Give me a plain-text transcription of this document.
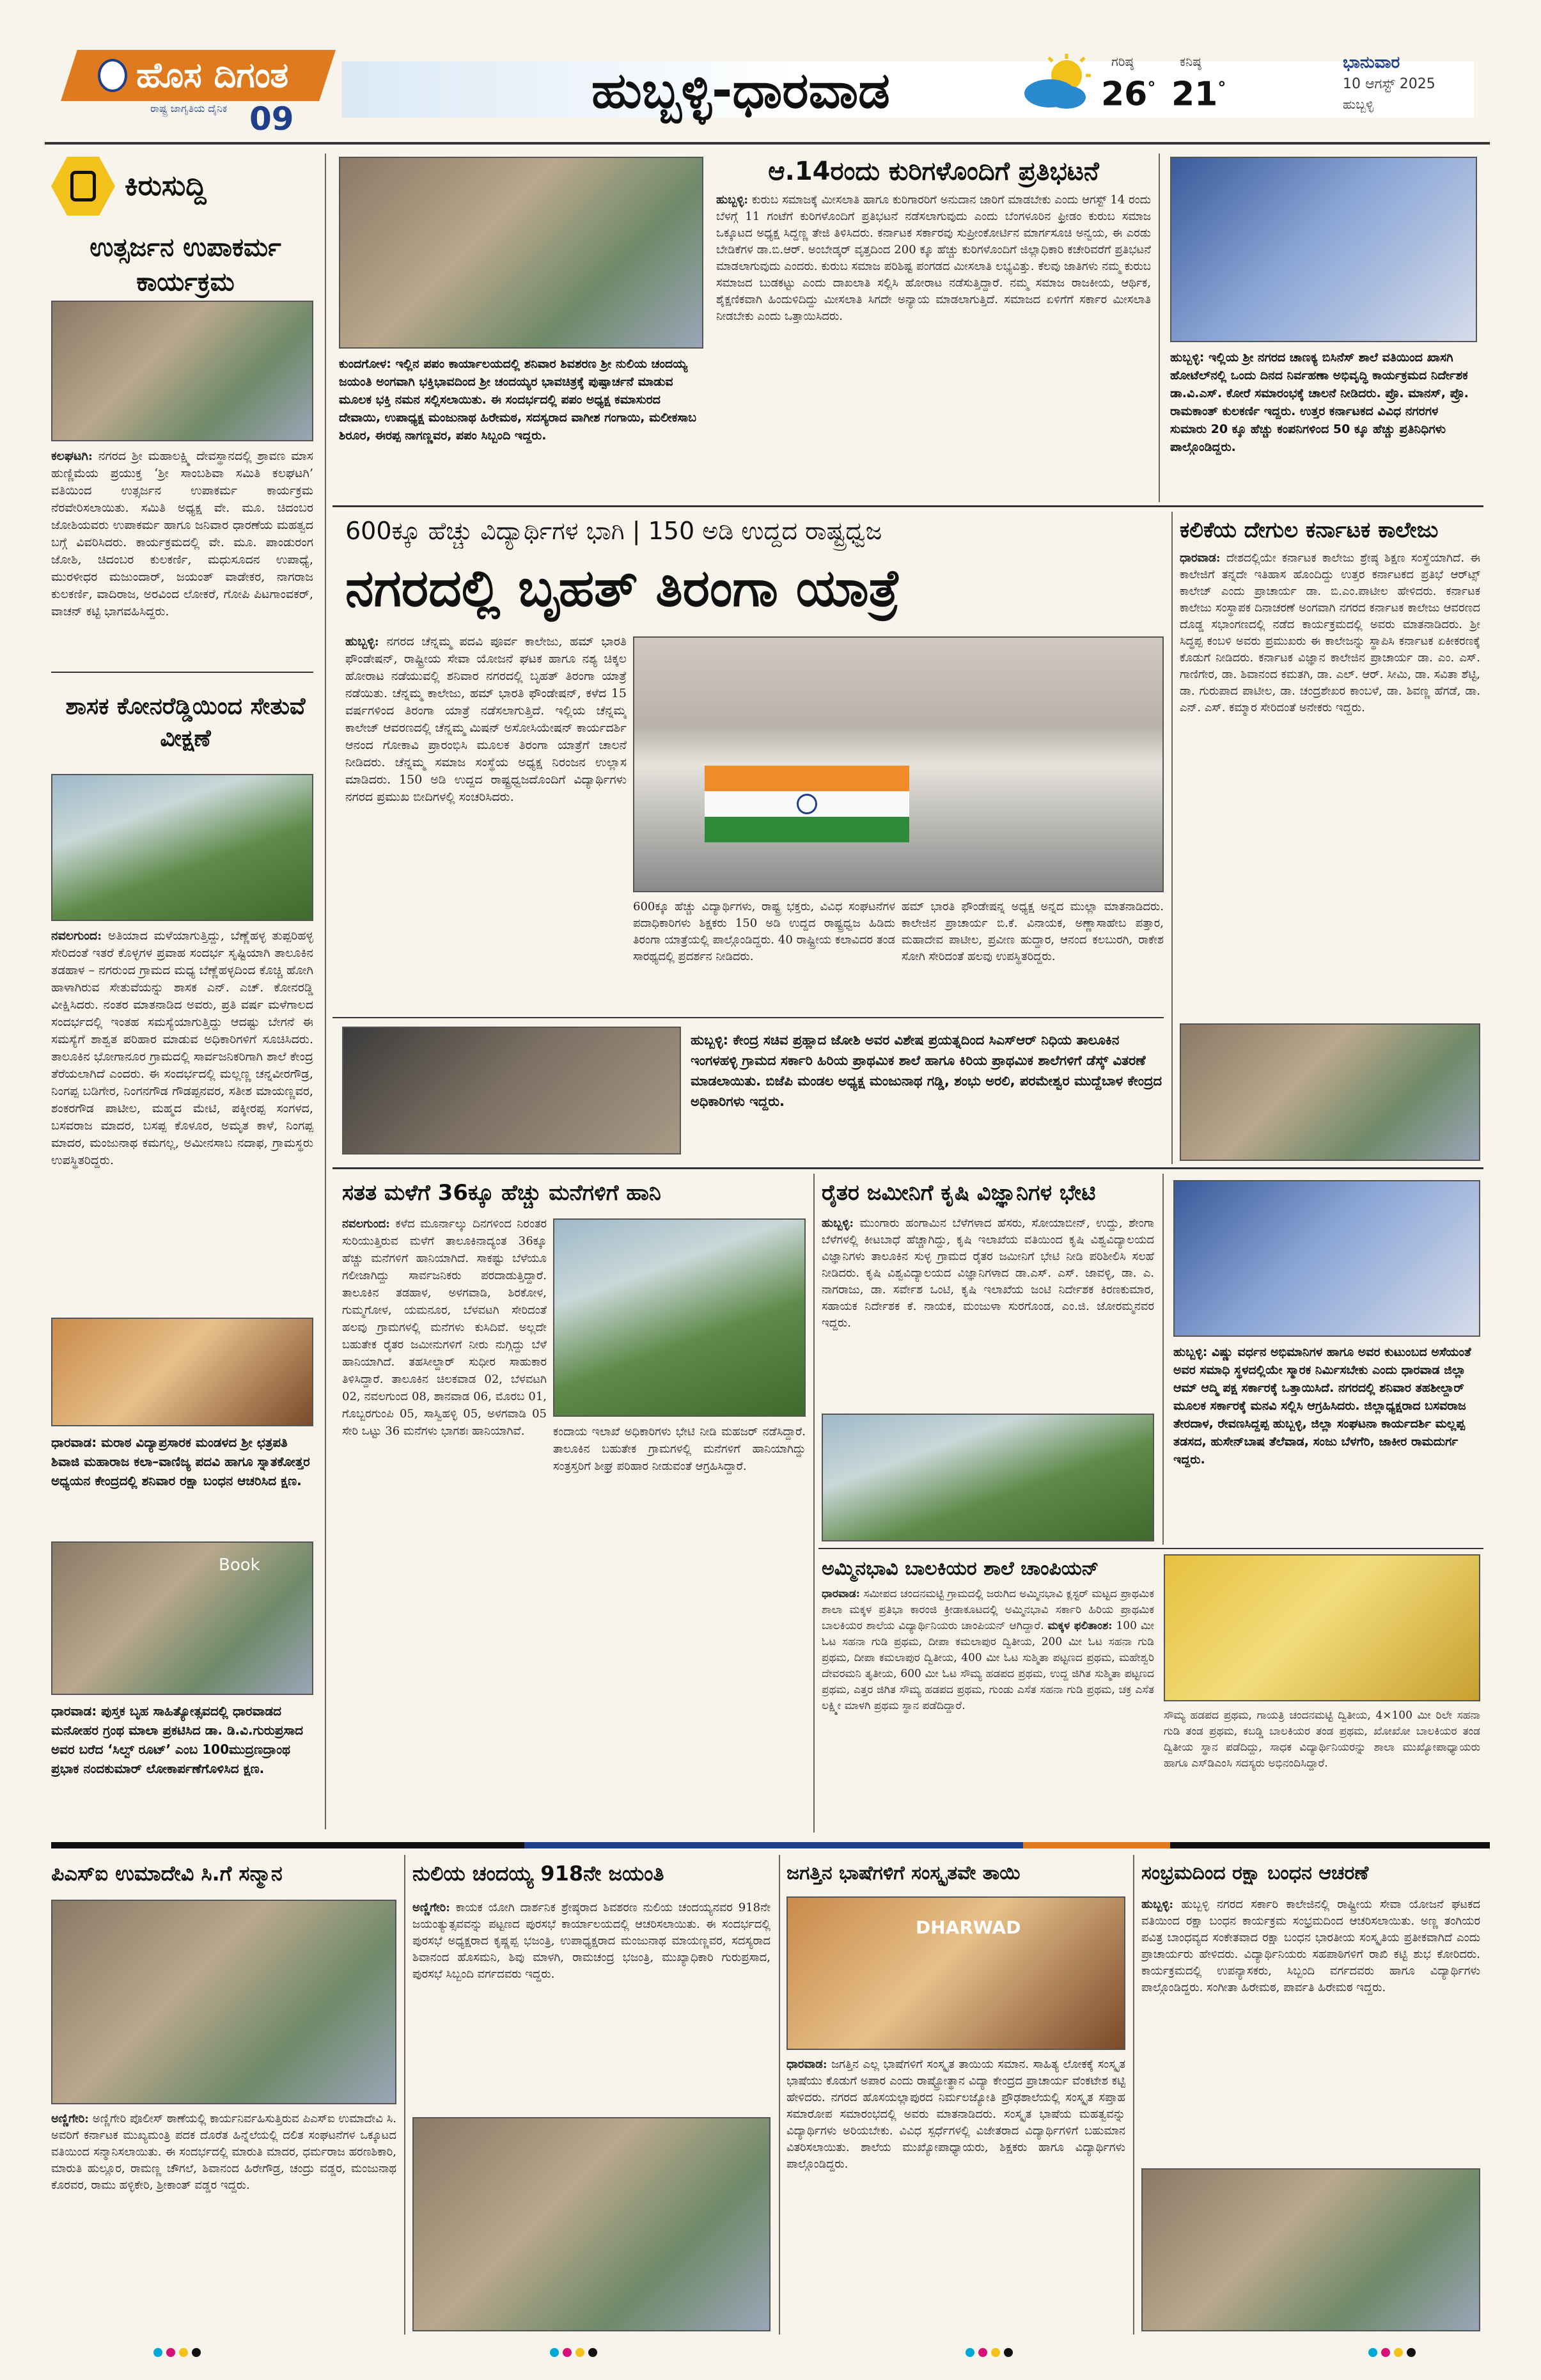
ಹೊಸ ದಿಗಂತ
ರಾಷ್ಟ್ರ ಜಾಗೃತಿಯ ದೈನಿಕ 09	ಹುಬ್ಬಳ್ಳಿ-ಧಾರವಾಡ
ಗರಿಷ್ಠ
26°
ಕನಿಷ್ಠ
21°
ಭಾನುವಾರ
10 ಆಗಸ್ಟ್ 2025
ಹುಬ್ಬಳ್ಳಿ
ಕಿರುಸುದ್ದಿ
ಉತ್ಸರ್ಜನ ಉಪಾಕರ್ಮ ಕಾರ್ಯಕ್ರಮ
ಕಲಘಟಗಿ: ನಗರದ ಶ್ರೀ ಮಹಾಲಕ್ಷ್ಮಿ ದೇವಸ್ಥಾನದಲ್ಲಿ ಶ್ರಾವಣ ಮಾಸ ಹುಣ್ಣಿಮೆಯ ಪ್ರಯುಕ್ತ ‘ಶ್ರೀ ಸಾಂಬಶಿವಾ ಸಮಿತಿ ಕಲಘಟಗಿ’ ವತಿಯಿಂದ ಉತ್ಸರ್ಜನ ಉಪಾಕರ್ಮ ಕಾರ್ಯಕ್ರಮ ನೆರವೇರಿಸಲಾಯಿತು. ಸಮಿತಿ ಅಧ್ಯಕ್ಷ ವೇ. ಮೂ. ಚಿದಂಬರ ಜೋಶಿಯವರು ಉಪಾಕರ್ಮ ಹಾಗೂ ಜನಿವಾರ ಧಾರಣೆಯ ಮಹತ್ವದ ಬಗ್ಗೆ ವಿವರಿಸಿದರು. ಕಾರ್ಯಕ್ರಮದಲ್ಲಿ ವೇ. ಮೂ. ಪಾಂಡುರಂಗ ಜೋಶಿ, ಚಿದಂಬರ ಕುಲಕರ್ಣಿ, ಮಧುಸೂದನ ಉಪಾಧ್ಯೆ, ಮುರಳೀಧರ ಮಜುಂದಾರ್, ಜಯಂತ್ ವಾಡೇಕರ, ನಾಗರಾಜ ಕುಲಕರ್ಣಿ, ವಾದಿರಾಜ, ಅರವಿಂದ ಲೋಕರೆ, ಗೋಪಿ ಪಿಟಗಾಂವಕರ್, ವಾಚನ್ ಕಟ್ಟಿ ಭಾಗವಹಿಸಿದ್ದರು.
ಶಾಸಕ ಕೋನರೆಡ್ಡಿಯಿಂದ ಸೇತುವೆ ವೀಕ್ಷಣೆ
ನವಲಗುಂದ: ಅತಿಯಾದ ಮಳೆಯಾಗುತ್ತಿದ್ದು, ಬೆಣ್ಣೆಹಳ್ಳ ತುಪ್ಪರಿಹಳ್ಳ ಸೇರಿದಂತೆ ಇತರೆ ಕೊಳ್ಳಗಳ ಪ್ರವಾಹ ಸಂದರ್ಭ ಸೃಷ್ಟಿಯಾಗಿ ತಾಲೂಕಿನ ತಡಹಾಳ – ನಗರುಂದ ಗ್ರಾಮದ ಮಧ್ಯ ಬೆಣ್ಣೆಹಳ್ಳದಿಂದ ಕೊಚ್ಚಿ ಹೋಗಿ ಹಾಳಾಗಿರುವ ಸೇತುವೆಯನ್ನು ಶಾಸಕ ಎನ್. ಎಚ್. ಕೋನರಡ್ಡಿ ವೀಕ್ಷಿಸಿದರು. ನಂತರ ಮಾತನಾಡಿದ ಅವರು, ಪ್ರತಿ ವರ್ಷ ಮಳೆಗಾಲದ ಸಂದರ್ಭದಲ್ಲಿ ಇಂತಹ ಸಮಸ್ಯೆಯಾಗುತ್ತಿದ್ದು ಆದಷ್ಟು ಬೇಗನೆ ಈ ಸಮಸ್ಯೆಗೆ ಶಾಶ್ವತ ಪರಿಹಾರ ಮಾಡುವ ಅಧಿಕಾರಿಗಳಿಗೆ ಸೂಚಿಸಿದರು. ತಾಲೂಕಿನ ಭೋಗಾನೂರ ಗ್ರಾಮದಲ್ಲಿ ಸಾರ್ವಜನಿಕರಿಗಾಗಿ ಶಾಲೆ ಕೇಂದ್ರ ತೆರೆಯಲಾಗಿದೆ ಎಂದರು. ಈ ಸಂದರ್ಭದಲ್ಲಿ ಮಲ್ಲಣ್ಣ ಚನ್ನವೀರಗೌಡ್ರ, ನಿಂಗಪ್ಪ ಬಡಿಗೇರ, ನಿಂಗನಗೌಡ ಗೌಡಪ್ಪನವರ, ಸತೀಶ ಮಾಯಣ್ಣವರ, ಶಂಕರಗೌಡ ಪಾಟೀಲ, ಮಹ್ಮದ ಮೇಟಿ, ಪಕ್ಕೀರಪ್ಪ ಸಂಗಳದ, ಬಸವರಾಜ ಮಾದರ, ಬಸಪ್ಪ ಕೊಳೂರ, ಅಮೃತ ಕಾಳೆ, ನಿಂಗಪ್ಪ ಮಾದರ, ಮಂಜುನಾಥ ಕಮಗಲ್ಲ, ಅಮೀನಸಾಬ ನದಾಫ, ಗ್ರಾಮಸ್ಥರು ಉಪಸ್ಥಿತರಿದ್ದರು.
ಧಾರವಾಡ: ಮರಾಠ ವಿದ್ಯಾಪ್ರಸಾರಕ ಮಂಡಳದ ಶ್ರೀ ಛತ್ರಪತಿ ಶಿವಾಜಿ ಮಹಾರಾಜ ಕಲಾ–ವಾಣಿಜ್ಯ ಪದವಿ ಹಾಗೂ ಸ್ನಾತಕೋತ್ತರ ಅಧ್ಯಯನ ಕೇಂದ್ರದಲ್ಲಿ ಶನಿವಾರ ರಕ್ಷಾ ಬಂಧನ ಆಚರಿಸಿದ ಕ್ಷಣ.
Book
ಧಾರವಾಡ: ಪುಸ್ತಕ ಬೃಹ ಸಾಹಿತ್ಯೋತ್ಸವದಲ್ಲಿ ಧಾರವಾಡದ ಮನೋಹರ ಗ್ರಂಥ ಮಾಲಾ ಪ್ರಕಟಿಸಿದ ಡಾ. ಡಿ.ವಿ.ಗುರುಪ್ರಸಾದ ಅವರ ಬರೆದ ‘ಸಿಲ್ವ್ ರೂಟ್’ ಎಂಬ 100ಮುದ್ರಣದ್ರಾಂಥ ಪ್ರಭಾಕ ನಂದಕುಮಾರ್ ಲೋಕಾರ್ಪಣೆಗೊಳಿಸಿದ ಕ್ಷಣ.
ಕುಂದಗೋಳ: ಇಲ್ಲಿನ ಪಪಂ ಕಾರ್ಯಾಲಯದಲ್ಲಿ ಶನಿವಾರ ಶಿವಶರಣ ಶ್ರೀ ನುಲಿಯ ಚಂದಯ್ಯ ಜಯಂತಿ ಅಂಗವಾಗಿ ಭಕ್ತಿಭಾವದಿಂದ ಶ್ರೀ ಚಂದಯ್ಯರ ಭಾವಚಿತ್ರಕ್ಕೆ ಪುಷ್ಪಾರ್ಚನೆ ಮಾಡುವ ಮೂಲಕ ಭಕ್ತಿ ನಮನ ಸಲ್ಲಿಸಲಾಯಿತು. ಈ ಸಂದರ್ಭದಲ್ಲಿ ಪಪಂ ಅಧ್ಯಕ್ಷ ಕಮಾಸುರದ ದೇವಾಯಿ, ಉಪಾಧ್ಯಕ್ಷ ಮಂಜುನಾಥ ಹಿರೇಮಠ, ಸದಸ್ಯರಾದ ವಾಗೀಶ ಗಂಗಾಯಿ, ಮಲೀಕಸಾಬ ಶಿರೂರ, ಈರಪ್ಪ ನಾಗಣ್ಣವರ, ಪಪಂ ಸಿಬ್ಬಂದಿ ಇದ್ದರು.
ಆ.14ರಂದು ಕುರಿಗಳೊಂದಿಗೆ ಪ್ರತಿಭಟನೆ
ಹುಬ್ಬಳ್ಳಿ: ಕುರುಬ ಸಮಾಜಕ್ಕೆ ಮೀಸಲಾತಿ ಹಾಗೂ ಕುರಿಗಾರರಿಗೆ ಅನುದಾನ ಜಾರಿಗೆ ಮಾಡಬೇಕು ಎಂದು ಆಗಸ್ಟ್ 14 ರಂದು ಬೆಳಗ್ಗೆ 11 ಗಂಟೆಗೆ ಕುರಿಗಳೊಂದಿಗೆ ಪ್ರತಿಭಟನೆ ನಡೆಸಲಾಗುವುದು ಎಂದು ಬೆಂಗಳೂರಿನ ಫ್ರೀಡಂ ಕುರುಬ ಸಮಾಜ ಒಕ್ಕೂಟದ ಅಧ್ಯಕ್ಷ ಸಿದ್ದಣ್ಣ ತೇಜಿ ತಿಳಿಸಿದರು. ಕರ್ನಾಟಕ ಸರ್ಕಾರವು ಸುಪ್ರೀಂಕೋರ್ಟಿನ ಮಾರ್ಗಸೂಚಿ ಅನ್ವಯ, ಈ ಎರಡು ಬೇಡಿಕೆಗಳ ಡಾ.ಬಿ.ಆರ್. ಅಂಬೇಡ್ಕರ್ ವೃತ್ತದಿಂದ 200 ಕ್ಕೂ ಹೆಚ್ಚು ಕುರಿಗಳೊಂದಿಗೆ ಜಿಲ್ಲಾಧಿಕಾರಿ ಕಚೇರಿವರೆಗೆ ಪ್ರತಿಭಟನೆ ಮಾಡಲಾಗುವುದು ಎಂದರು. ಕುರುಬ ಸಮಾಜ ಪರಿಶಿಷ್ಟ ಪಂಗಡದ ಮೀಸಲಾತಿ ಲಭ್ಯವಿತ್ತು. ಕೆಲವು ಜಾತಿಗಳು ನಮ್ಮ ಕುರುಬ ಸಮಾಜದ ಬುಡಕಟ್ಟು ಎಂದು ದಾಖಲಾತಿ ಸಲ್ಲಿಸಿ ಹೋರಾಟ ನಡೆಸುತ್ತಿದ್ದಾರೆ. ನಮ್ಮ ಸಮಾಜ ರಾಜಕೀಯ, ಆರ್ಥಿಕ, ಶೈಕ್ಷಣಿಕವಾಗಿ ಹಿಂದುಳಿದಿದ್ದು ಮೀಸಲಾತಿ ಸಿಗದೇ ಅನ್ಯಾಯ ಮಾಡಲಾಗುತ್ತಿದೆ. ಸಮಾಜದ ಏಳಿಗೆಗೆ ಸರ್ಕಾರ ಮೀಸಲಾತಿ ನೀಡಬೇಕು ಎಂದು ಒತ್ತಾಯಿಸಿದರು.
ಹುಬ್ಬಳ್ಳಿ: ಇಲ್ಲಿಯ ಶ್ರೀ ನಗರದ ಚಾಣಕ್ಯ ಬಿಸಿನೆಸ್ ಶಾಲೆ ವತಿಯಿಂದ ಖಾಸಗಿ ಹೋಟೆಲ್‌ನಲ್ಲಿ ಒಂದು ದಿನದ ನಿರ್ವಹಣಾ ಅಭಿವೃದ್ಧಿ ಕಾರ್ಯಕ್ರಮದ ನಿರ್ದೇಶಕ ಡಾ.ವಿ.ಎಸ್. ಕೋರೆ ಸಮಾರಂಭಕ್ಕೆ ಚಾಲನೆ ನೀಡಿದರು. ಪ್ರೊ. ಮಾನಸ್, ಪ್ರೊ. ರಾಮಕಾಂತ್ ಕುಲಕರ್ಣಿ ಇದ್ದರು. ಉತ್ತರ ಕರ್ನಾಟಕದ ವಿವಿಧ ನಗರಗಳ ಸುಮಾರು 20 ಕ್ಕೂ ಹೆಚ್ಚು ಕಂಪನಿಗಳಿಂದ 50 ಕ್ಕೂ ಹೆಚ್ಚು ಪ್ರತಿನಿಧಿಗಳು ಪಾಲ್ಗೊಂಡಿದ್ದರು.
600ಕ್ಕೂ ಹೆಚ್ಚು ವಿದ್ಯಾರ್ಥಿಗಳ ಭಾಗಿ | 150 ಅಡಿ ಉದ್ದದ ರಾಷ್ಟ್ರಧ್ವಜ
ನಗರದಲ್ಲಿ ಬೃಹತ್ ತಿರಂಗಾ ಯಾತ್ರೆ
ಹುಬ್ಬಳ್ಳಿ: ನಗರದ ಚೆನ್ನಮ್ಮ ಪದವಿ ಪೂರ್ವ ಕಾಲೇಜು, ಹಮ್ ಭಾರತಿ ಫೌಂಡೇಷನ್, ರಾಷ್ಟ್ರೀಯ ಸೇವಾ ಯೋಜನೆ ಘಟಕ ಹಾಗೂ ನಶ್ಯ ಚಿಕ್ಕಲ ಹೋರಾಟ ನಡೆಯುವಲ್ಲಿ ಶನಿವಾರ ನಗರದಲ್ಲಿ ಬೃಹತ್ ತಿರಂಗಾ ಯಾತ್ರೆ ನಡೆಯಿತು. ಚೆನ್ನಮ್ಮ ಕಾಲೇಜು, ಹಮ್ ಭಾರತಿ ಫೌಂಡೇಷನ್, ಕಳೆದ 15 ವರ್ಷಗಳಿಂದ ತಿರಂಗಾ ಯಾತ್ರೆ ನಡೆಸಲಾಗುತ್ತಿದೆ. ಇಲ್ಲಿಯ ಚೆನ್ನಮ್ಮ ಕಾಲೇಜ್ ಆವರಣದಲ್ಲಿ ಚೆನ್ನಮ್ಮ ಮಿಷನ್ ಅಸೋಸಿಯೇಷನ್ ಕಾರ್ಯದರ್ಶಿ ಆನಂದ ಗೋಕಾವಿ ಪ್ರಾರಂಭಿಸಿ ಮೂಲಕ ತಿರಂಗಾ ಯಾತ್ರೆಗೆ ಚಾಲನೆ ನೀಡಿದರು. ಚೆನ್ನಮ್ಮ ಸಮಾಜ ಸಂಸ್ಥೆಯ ಅಧ್ಯಕ್ಷ ನಿರಂಜನ ಉಲ್ಲಾಸ ಮಾಡಿದರು. 150 ಅಡಿ ಉದ್ದದ ರಾಷ್ಟ್ರಧ್ವಜದೊಂದಿಗೆ ವಿದ್ಯಾರ್ಥಿಗಳು ನಗರದ ಪ್ರಮುಖ ಬೀದಿಗಳಲ್ಲಿ ಸಂಚರಿಸಿದರು.
600ಕ್ಕೂ ಹೆಚ್ಚು ವಿದ್ಯಾರ್ಥಿಗಳು, ರಾಷ್ಟ್ರ ಭಕ್ತರು, ವಿವಿಧ ಸಂಘಟನೆಗಳ ಪದಾಧಿಕಾರಿಗಳು ಶಿಕ್ಷಕರು 150 ಅಡಿ ಉದ್ದದ ರಾಷ್ಟ್ರಧ್ವಜ ಹಿಡಿದು ತಿರಂಗಾ ಯಾತ್ರೆಯಲ್ಲಿ ಪಾಲ್ಗೊಂಡಿದ್ದರು. 40 ರಾಷ್ಟ್ರೀಯ ಕಲಾವಿದರ ತಂಡ ಸಾರಥ್ಯದಲ್ಲಿ ಪ್ರದರ್ಶನ ನೀಡಿದರು.
ಹಮ್ ಭಾರತಿ ಫೌಂಡೇಷನ್ನ ಅಧ್ಯಕ್ಷ ಅನ್ನದ ಮುಲ್ಲಾ ಮಾತನಾಡಿದರು. ಕಾಲೇಜಿನ ಪ್ರಾಚಾರ್ಯ ಬಿ.ಕೆ. ವಿನಾಯಕ, ಅಣ್ಣಾಸಾಹೇಬ ಪತ್ತಾರ, ಮಹಾದೇವ ಪಾಟೀಲ, ಪ್ರವೀಣ ಹುದ್ದಾರ, ಆನಂದ ಕಲಬುರಗಿ, ರಾಕೇಶ ಸೋಗಿ ಸೇರಿದಂತೆ ಹಲವು ಉಪಸ್ಥಿತರಿದ್ದರು.
ಕಲಿಕೆಯ ದೇಗುಲ ಕರ್ನಾಟಕ ಕಾಲೇಜು
ಧಾರವಾಡ: ದೇಶದಲ್ಲಿಯೇ ಕರ್ನಾಟಕ ಕಾಲೇಜು ಶ್ರೇಷ್ಠ ಶಿಕ್ಷಣ ಸಂಸ್ಥೆಯಾಗಿದೆ. ಈ ಕಾಲೇಜಿಗೆ ತನ್ನದೇ ಇತಿಹಾಸ ಹೊಂದಿದ್ದು ಉತ್ತರ ಕರ್ನಾಟಕದ ಪ್ರತಿಭೆ ಆರ್‌ಟ್ಸ್ ಕಾಲೇಜ್ ಎಂದು ಪ್ರಾಚಾರ್ಯ ಡಾ. ಬಿ.ಎಂ.ಪಾಟೀಲ ಹೇಳಿದರು. ಕರ್ನಾಟಕ ಕಾಲೇಜು ಸಂಸ್ಥಾಪಕ ದಿನಾಚರಣೆ ಅಂಗವಾಗಿ ನಗರದ ಕರ್ನಾಟಕ ಕಾಲೇಜು ಆವರಣದ ದೊಡ್ಡ ಸಭಾಂಗಣದಲ್ಲಿ ನಡೆದ ಕಾರ್ಯಕ್ರಮದಲ್ಲಿ ಅವರು ಮಾತನಾಡಿದರು. ಶ್ರೀ ಸಿದ್ಧಪ್ಪ ಕಂಬಳಿ ಅವರು ಪ್ರಮುಖರು ಈ ಕಾಲೇಜನ್ನು ಸ್ಥಾಪಿಸಿ ಕರ್ನಾಟಕ ಏಕೀಕರಣಕ್ಕೆ ಕೊಡುಗೆ ನೀಡಿದರು. ಕರ್ನಾಟಕ ವಿಜ್ಞಾನ ಕಾಲೇಜಿನ ಪ್ರಾಚಾರ್ಯ ಡಾ. ಎಂ. ಎಸ್. ಗಾಣಿಗೇರ, ಡಾ. ಶಿವಾನಂದ ಕಮತಗಿ, ಡಾ. ಎಲ್. ಆರ್. ಸೀಮಿ, ಡಾ. ಸವಿತಾ ಶೆಟ್ಟಿ, ಡಾ. ಗುರುಪಾದ ಪಾಟೀಲ, ಡಾ. ಚಂದ್ರಶೇಖರ ಕಾಂಬಳೆ, ಡಾ. ಶಿವಣ್ಣ ಹೆಗಡೆ, ಡಾ. ಎನ್. ಎಸ್. ಕಮ್ಮಾರ ಸೇರಿದಂತೆ ಅನೇಕರು ಇದ್ದರು.
ಹುಬ್ಬಳ್ಳಿ: ಕೇಂದ್ರ ಸಚಿವ ಪ್ರಹ್ಲಾದ ಜೋಶಿ ಅವರ ವಿಶೇಷ ಪ್ರಯತ್ನದಿಂದ ಸಿಎಸ್ಆರ್ ನಿಧಿಯ ತಾಲೂಕಿನ ಇಂಗಳಹಳ್ಳಿ ಗ್ರಾಮದ ಸರ್ಕಾರಿ ಹಿರಿಯ ಪ್ರಾಥಮಿಕ ಶಾಲೆ ಹಾಗೂ ಕಿರಿಯ ಪ್ರಾಥಮಿಕ ಶಾಲೆಗಳಿಗೆ ಡೆಸ್ಕ್ ವಿತರಣೆ ಮಾಡಲಾಯಿತು. ಬಿಜೆಪಿ ಮಂಡಲ ಅಧ್ಯಕ್ಷ ಮಂಜುನಾಥ ಗಡ್ಡಿ, ಶಂಭು ಅರಲಿ, ಪರಮೇಶ್ವರ ಮುದ್ದೆಬಾಳ ಕೇಂದ್ರದ ಅಧಿಕಾರಿಗಳು ಇದ್ದರು.
ಸತತ ಮಳೆಗೆ 36ಕ್ಕೂ ಹೆಚ್ಚು ಮನೆಗಳಿಗೆ ಹಾನಿ
ನವಲಗುಂದ: ಕಳೆದ ಮೂರ್ನಾಲ್ಕು ದಿನಗಳಿಂದ ನಿರಂತರ ಸುರಿಯುತ್ತಿರುವ ಮಳೆಗೆ ತಾಲೂಕಿನಾದ್ಯಂತ 36ಕ್ಕೂ ಹೆಚ್ಚು ಮನೆಗಳಿಗೆ ಹಾನಿಯಾಗಿದೆ. ಸಾಕಷ್ಟು ಬೆಳೆಯೂ ಗಲೀಜಾಗಿದ್ದು ಸಾರ್ವಜನಿಕರು ಪರದಾಡುತ್ತಿದ್ದಾರೆ. ತಾಲೂಕಿನ ತಡಹಾಳ, ಅಳಗವಾಡಿ, ಶಿರಕೋಳ, ಗುಮ್ಮಗೋಳ, ಯಮನೂರ, ಬೆಳವಟಗಿ ಸೇರಿದಂತೆ ಹಲವು ಗ್ರಾಮಗಳಲ್ಲಿ ಮನೆಗಳು ಕುಸಿದಿವೆ. ಅಲ್ಲದೇ ಬಹುತೇಕ ರೈತರ ಜಮೀನುಗಳಿಗೆ ನೀರು ನುಗ್ಗಿದ್ದು ಬೆಳೆ ಹಾನಿಯಾಗಿದೆ. ತಹಸೀಲ್ದಾರ್ ಸುಧೀರ ಸಾಹುಕಾರ ತಿಳಿಸಿದ್ದಾರೆ. ತಾಲೂಕಿನ ಚಿಲಕವಾಡ 02, ಬೆಳವಟಗಿ 02, ನವಲಗುಂದ 08, ಶಾನವಾಡ 06, ಮೊರಬ 01, ಗೊಬ್ಬರಗುಂಪಿ 05, ಸಾಸ್ವಿಹಳ್ಳಿ 05, ಅಳಗವಾಡಿ 05 ಸೇರಿ ಒಟ್ಟು 36 ಮನೆಗಳು ಭಾಗಶಃ ಹಾನಿಯಾಗಿವೆ.	ಕಂದಾಯ ಇಲಾಖೆ ಅಧಿಕಾರಿಗಳು ಭೇಟಿ ನೀಡಿ ಮಹಜರ್ ನಡೆಸಿದ್ದಾರೆ. ತಾಲೂಕಿನ ಬಹುತೇಕ ಗ್ರಾಮಗಳಲ್ಲಿ ಮನೆಗಳಿಗೆ ಹಾನಿಯಾಗಿದ್ದು ಸಂತ್ರಸ್ತರಿಗೆ ಶೀಘ್ರ ಪರಿಹಾರ ನೀಡುವಂತೆ ಆಗ್ರಹಿಸಿದ್ದಾರೆ.
ರೈತರ ಜಮೀನಿಗೆ ಕೃಷಿ ವಿಜ್ಞಾನಿಗಳ ಭೇಟಿ
ಹುಬ್ಬಳ್ಳಿ: ಮುಂಗಾರು ಹಂಗಾಮಿನ ಬೆಳೆಗಳಾದ ಹೆಸರು, ಸೋಯಾಬೀನ್, ಉದ್ದು, ಶೇಂಗಾ ಬೆಳೆಗಳಲ್ಲಿ ಕೀಟಬಾಧೆ ಹೆಚ್ಚಾಗಿದ್ದು, ಕೃಷಿ ಇಲಾಖೆಯ ವತಿಯಿಂದ ಕೃಷಿ ವಿಶ್ವವಿದ್ಯಾಲಯದ ವಿಜ್ಞಾನಿಗಳು ತಾಲೂಕಿನ ಸುಳ್ಳ ಗ್ರಾಮದ ರೈತರ ಜಮೀನಿಗೆ ಭೇಟಿ ನೀಡಿ ಪರಿಶೀಲಿಸಿ ಸಲಹೆ ನೀಡಿದರು. ಕೃಷಿ ವಿಶ್ವವಿದ್ಯಾಲಯದ ವಿಜ್ಞಾನಿಗಳಾದ ಡಾ.ಎಸ್. ಎಸ್. ಜಾವಳ್ಳಿ, ಡಾ. ಎ. ನಾಗರಾಜು, ಡಾ. ಸರ್ವೇಶ ಒಂಟಿ, ಕೃಷಿ ಇಲಾಖೆಯ ಜಂಟಿ ನಿರ್ದೇಶಕ ಕಿರಣಕುಮಾರ, ಸಹಾಯಕ ನಿರ್ದೇಶಕ ಕೆ. ನಾಯಕ, ಮಂಜುಳಾ ಸುರಗೊಂಡ, ಎಂ.ಜಿ. ಜೋರಮ್ಮನವರ ಇದ್ದರು.
ಹುಬ್ಬಳ್ಳಿ: ವಿಷ್ಣು ವರ್ಧನ ಅಭಿಮಾನಿಗಳ ಹಾಗೂ ಅವರ ಕುಟುಂಬದ ಅಸೆಯಂತೆ ಅವರ ಸಮಾಧಿ ಸ್ಥಳದಲ್ಲಿಯೇ ಸ್ಮಾರಕ ನಿರ್ಮಿಸಬೇಕು ಎಂದು ಧಾರವಾಡ ಜಿಲ್ಲಾ ಆಮ್ ಆದ್ಮಿ ಪಕ್ಷ ಸರ್ಕಾರಕ್ಕೆ ಒತ್ತಾಯಿಸಿದೆ. ನಗರದಲ್ಲಿ ಶನಿವಾರ ತಹಶೀಲ್ದಾರ್ ಮೂಲಕ ಸರ್ಕಾರಕ್ಕೆ ಮನವಿ ಸಲ್ಲಿಸಿ ಆಗ್ರಹಿಸಿದರು. ಜಿಲ್ಲಾಧ್ಯಕ್ಷರಾದ ಬಸವರಾಜ ತೇರದಾಳ, ರೇವಣಸಿದ್ದಪ್ಪ ಹುಬ್ಬಳ್ಳಿ, ಜಿಲ್ಲಾ ಸಂಘಟನಾ ಕಾರ್ಯದರ್ಶಿ ಮಲ್ಲಪ್ಪ ತಡಸದ, ಹುಸೇನ್‌ಬಾಷ ತೆಲೆವಾಡ, ಸಂಜು ಬೆಳಗೆರಿ, ಜಾಕೀರ ರಾಮದುರ್ಗ ಇದ್ದರು.
ಅಮ್ಮಿನಭಾವಿ ಬಾಲಕಿಯರ ಶಾಲೆ ಚಾಂಪಿಯನ್
ಧಾರವಾಡ: ಸಮೀಪದ ಚಂದನಮಟ್ಟಿ ಗ್ರಾಮದಲ್ಲಿ ಜರುಗಿದ ಅಮ್ಮಿನಭಾವಿ ಕ್ಲಸ್ಟರ್ ಮಟ್ಟದ ಪ್ರಾಥಮಿಕ ಶಾಲಾ ಮಕ್ಕಳ ಪ್ರತಿಭಾ ಕಾರಂಜಿ ಕ್ರೀಡಾಕೂಟದಲ್ಲಿ ಅಮ್ಮಿನಭಾವಿ ಸರ್ಕಾರಿ ಹಿರಿಯ ಪ್ರಾಥಮಿಕ ಬಾಲಕಿಯರ ಶಾಲೆಯ ವಿದ್ಯಾರ್ಥಿನಿಯರು ಚಾಂಪಿಯನ್ ಆಗಿದ್ದಾರೆ. ಮಕ್ಕಳ ಫಲಿತಾಂಶ: 100 ಮೀ ಓಟ ಸಹನಾ ಗುಡಿ ಪ್ರಥಮ, ದೀಪಾ ಕಮಲಾಪುರ ದ್ವಿತೀಯ, 200 ಮೀ ಓಟ ಸಹನಾ ಗುಡಿ ಪ್ರಥಮ, ದೀಪಾ ಕಮಲಾಪುರ ದ್ವಿತೀಯ, 400 ಮೀ ಓಟ ಸುಶ್ಮಿತಾ ಪಟ್ಟಣದ ಪ್ರಥಮ, ಮಹೇಶ್ವರಿ ದೇವರಮನಿ ತೃತೀಯ, 600 ಮೀ ಓಟ ಸೌಮ್ಯ ಹಡಪದ ಪ್ರಥಮ, ಉದ್ದ ಜಿಗಿತ ಸುಶ್ಮಿತಾ ಪಟ್ಟಣದ ಪ್ರಥಮ, ಎತ್ತರ ಜಿಗಿತ ಸೌಮ್ಯ ಹಡಪದ ಪ್ರಥಮ, ಗುಂಡು ಎಸೆತ ಸಹನಾ ಗುಡಿ ಪ್ರಥಮ, ಚಕ್ರ ಎಸೆತ ಲಕ್ಷ್ಮೀ ಮಾಳಗಿ ಪ್ರಥಮ ಸ್ಥಾನ ಪಡೆದಿದ್ದಾರೆ.
ಸೌಮ್ಯ ಹಡಪದ ಪ್ರಥಮ, ಗಾಯತ್ರಿ ಚಂದನಮಟ್ಟಿ ದ್ವಿತೀಯ, 4×100 ಮೀ ರಿಲೇ ಸಹನಾ ಗುಡಿ ತಂಡ ಪ್ರಥಮ, ಕಬಡ್ಡಿ ಬಾಲಕಿಯರ ತಂಡ ಪ್ರಥಮ, ಖೋಖೋ ಬಾಲಕಿಯರ ತಂಡ ದ್ವಿತೀಯ ಸ್ಥಾನ ಪಡೆದಿದ್ದು, ಸಾಧಕ ವಿದ್ಯಾರ್ಥಿನಿಯರನ್ನು ಶಾಲಾ ಮುಖ್ಯೋಪಾಧ್ಯಾಯರು ಹಾಗೂ ಎಸ್‌ಡಿಎಂಸಿ ಸದಸ್ಯರು ಅಭಿನಂದಿಸಿದ್ದಾರೆ.
ಪಿಎಸ್ಐ ಉಮಾದೇವಿ ಸಿ.ಗೆ ಸನ್ಮಾನ
ಅಣ್ಣಿಗೇರಿ: ಅಣ್ಣಿಗೇರಿ ಪೊಲೀಸ್ ಠಾಣೆಯಲ್ಲಿ ಕಾರ್ಯನಿರ್ವಹಿಸುತ್ತಿರುವ ಪಿಎಸ್ಐ ಉಮಾದೇವಿ ಸಿ. ಅವರಿಗೆ ಕರ್ನಾಟಕ ಮುಖ್ಯಮಂತ್ರಿ ಪದಕ ದೊರೆತ ಹಿನ್ನೆಲೆಯಲ್ಲಿ ದಲಿತ ಸಂಘಟನೆಗಳ ಒಕ್ಕೂಟದ ವತಿಯಿಂದ ಸನ್ಮಾನಿಸಲಾಯಿತು. ಈ ಸಂದರ್ಭದಲ್ಲಿ ಮಾರುತಿ ಮಾದರ, ಧರ್ಮರಾಜ ಹರಣಶಿಕಾರಿ, ಮಾರುತಿ ಹುಲ್ಲೂರ, ರಾಮಣ್ಣ ಚೌಗಲೆ, ಶಿವಾನಂದ ಹಿರೇಗೌಡ್ರ, ಚಂದ್ರು ವಡ್ಡರ, ಮಂಜುನಾಥ ಕೊರವರ, ರಾಮು ಹಳ್ಳಿಕೇರಿ, ಶ್ರೀಕಾಂತ್ ವಡ್ಡರ ಇದ್ದರು.
ನುಲಿಯ ಚಂದಯ್ಯ 918ನೇ ಜಯಂತಿ
ಅಣ್ಣಿಗೇರಿ: ಕಾಯಕ ಯೋಗಿ ದಾರ್ಶನಿಕ ಶ್ರೇಷ್ಠರಾದ ಶಿವಶರಣ ನುಲಿಯ ಚಂದಯ್ಯನವರ 918ನೇ ಜಯಂತ್ಯುತ್ಸವವನ್ನು ಪಟ್ಟಣದ ಪುರಸಭೆ ಕಾರ್ಯಾಲಯದಲ್ಲಿ ಆಚರಿಸಲಾಯಿತು. ಈ ಸಂದರ್ಭದಲ್ಲಿ ಪುರಸಭೆ ಅಧ್ಯಕ್ಷರಾದ ಕೃಷ್ಣಪ್ಪ ಭಜಂತ್ರಿ, ಉಪಾಧ್ಯಕ್ಷರಾದ ಮಂಜುನಾಥ ಮಾಯಣ್ಣವರ, ಸದಸ್ಯರಾದ ಶಿವಾನಂದ ಹೊಸಮನಿ, ಶಿವು ಮಾಳಗಿ, ರಾಮಚಂದ್ರ ಭಜಂತ್ರಿ, ಮುಖ್ಯಾಧಿಕಾರಿ ಗುರುಪ್ರಸಾದ, ಪುರಸಭೆ ಸಿಬ್ಬಂದಿ ವರ್ಗದವರು ಇದ್ದರು.
ಜಗತ್ತಿನ ಭಾಷೆಗಳಿಗೆ ಸಂಸ್ಕೃತವೇ ತಾಯಿ
DHARWAD
ಧಾರವಾಡ: ಜಗತ್ತಿನ ಎಲ್ಲ ಭಾಷೆಗಳಿಗೆ ಸಂಸ್ಕೃತ ತಾಯಿಯ ಸಮಾನ. ಸಾಹಿತ್ಯ ಲೋಕಕ್ಕೆ ಸಂಸ್ಕೃತ ಭಾಷೆಯು ಕೊಡುಗೆ ಅಪಾರ ಎಂದು ರಾಷ್ಟ್ರೋತ್ಥಾನ ವಿದ್ಯಾ ಕೇಂದ್ರದ ಪ್ರಾಚಾರ್ಯ ವೆಂಕಟೇಶ ಕಟ್ಟಿ ಹೇಳಿದರು. ನಗರದ ಹೊಸಯಲ್ಲಾಪುರದ ನಿರ್ಮಲಜ್ಯೋತಿ ಪ್ರೌಢಶಾಲೆಯಲ್ಲಿ ಸಂಸ್ಕೃತ ಸಪ್ತಾಹ ಸಮಾರೋಪ ಸಮಾರಂಭದಲ್ಲಿ ಅವರು ಮಾತನಾಡಿದರು. ಸಂಸ್ಕೃತ ಭಾಷೆಯ ಮಹತ್ವವನ್ನು ವಿದ್ಯಾರ್ಥಿಗಳು ಅರಿಯಬೇಕು. ವಿವಿಧ ಸ್ಪರ್ಧೆಗಳಲ್ಲಿ ವಿಜೇತರಾದ ವಿದ್ಯಾರ್ಥಿಗಳಿಗೆ ಬಹುಮಾನ ವಿತರಿಸಲಾಯಿತು. ಶಾಲೆಯ ಮುಖ್ಯೋಪಾಧ್ಯಾಯರು, ಶಿಕ್ಷಕರು ಹಾಗೂ ವಿದ್ಯಾರ್ಥಿಗಳು ಪಾಲ್ಗೊಂಡಿದ್ದರು.
ಸಂಭ್ರಮದಿಂದ ರಕ್ಷಾ ಬಂಧನ ಆಚರಣೆ
ಹುಬ್ಬಳ್ಳಿ: ಹುಬ್ಬಳ್ಳಿ ನಗರದ ಸರ್ಕಾರಿ ಕಾಲೇಜಿನಲ್ಲಿ ರಾಷ್ಟ್ರೀಯ ಸೇವಾ ಯೋಜನೆ ಘಟಕದ ವತಿಯಿಂದ ರಕ್ಷಾ ಬಂಧನ ಕಾರ್ಯಕ್ರಮ ಸಂಭ್ರಮದಿಂದ ಆಚರಿಸಲಾಯಿತು. ಅಣ್ಣ ತಂಗಿಯರ ಪವಿತ್ರ ಬಾಂಧವ್ಯದ ಸಂಕೇತವಾದ ರಕ್ಷಾ ಬಂಧನ ಭಾರತೀಯ ಸಂಸ್ಕೃತಿಯ ಪ್ರತೀಕವಾಗಿದೆ ಎಂದು ಪ್ರಾಚಾರ್ಯರು ಹೇಳಿದರು. ವಿದ್ಯಾರ್ಥಿನಿಯರು ಸಹಪಾಠಿಗಳಿಗೆ ರಾಖಿ ಕಟ್ಟಿ ಶುಭ ಕೋರಿದರು. ಕಾರ್ಯಕ್ರಮದಲ್ಲಿ ಉಪನ್ಯಾಸಕರು, ಸಿಬ್ಬಂದಿ ವರ್ಗದವರು ಹಾಗೂ ವಿದ್ಯಾರ್ಥಿಗಳು ಪಾಲ್ಗೊಂಡಿದ್ದರು. ಸಂಗೀತಾ ಹಿರೇಮಠ, ಪಾರ್ವತಿ ಹಿರೇಮಠ ಇದ್ದರು.
